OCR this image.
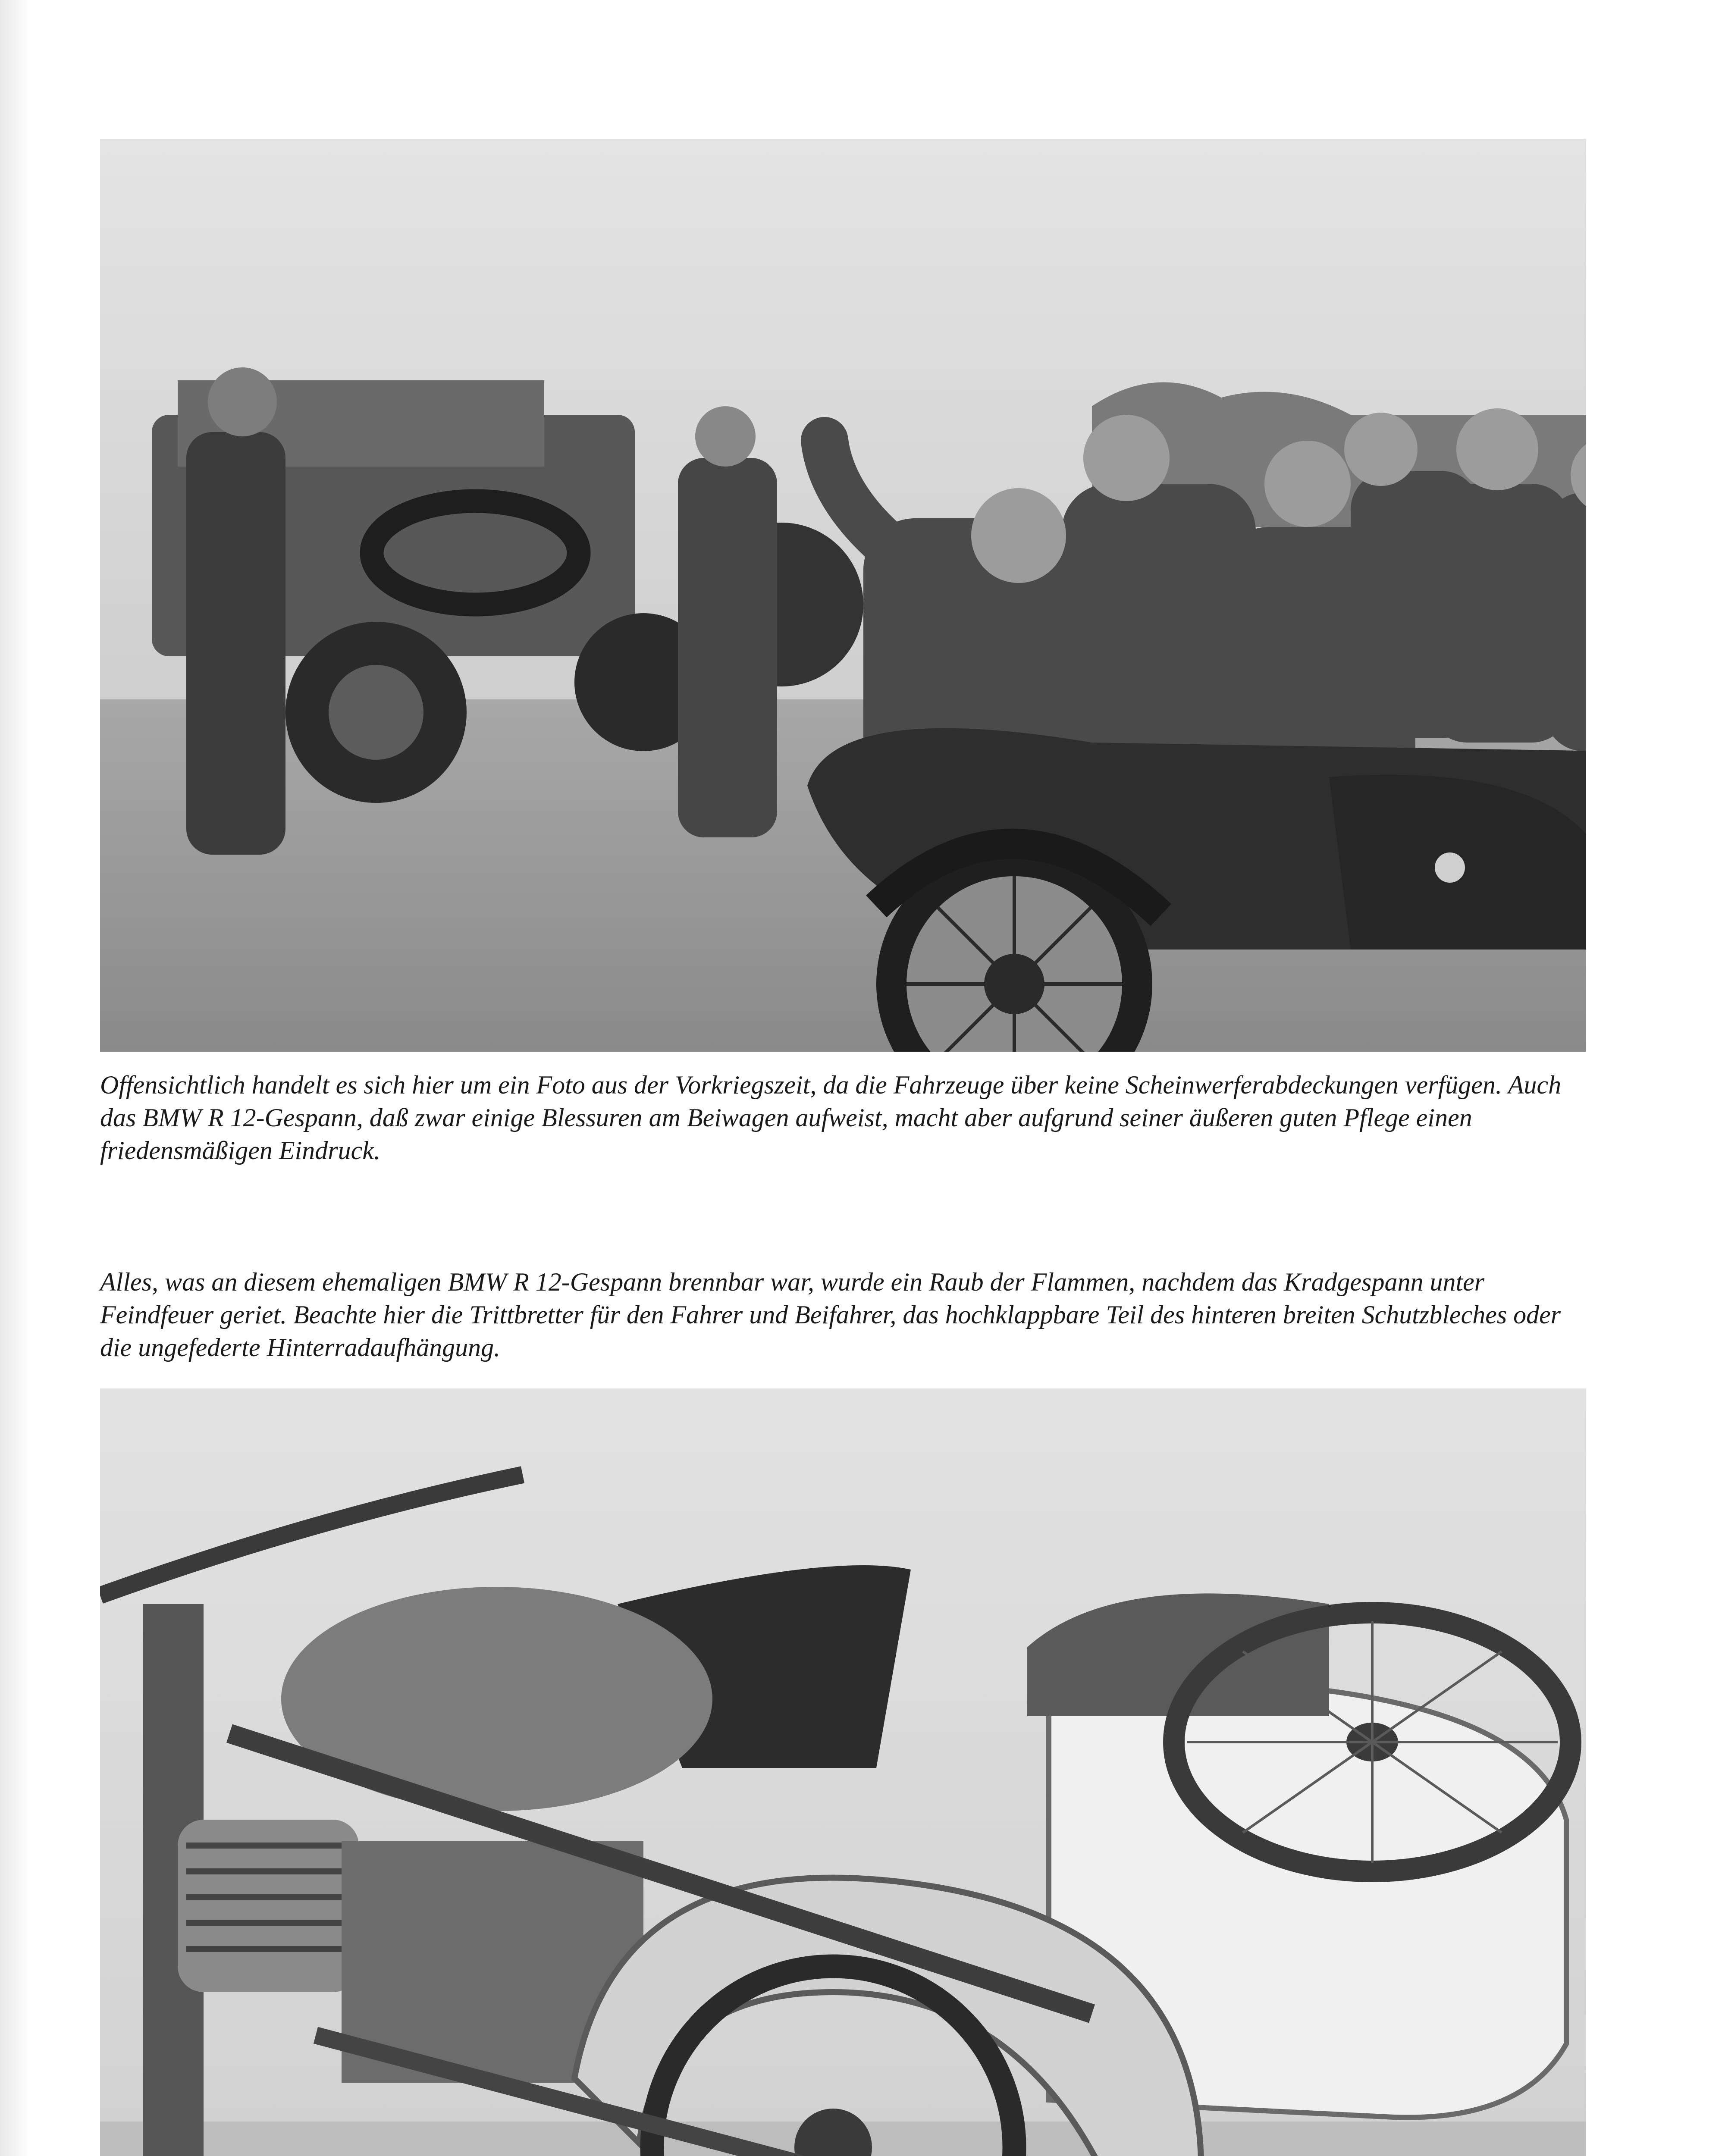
Offensichtlich handelt es sich hier um ein Foto aus der Vorkriegszeit, da die Fahrzeuge über keine Scheinwerferabdeckungen verfügen. Auch das BMW R 12-Gespann, daß zwar einige Blessuren am Beiwagen aufweist, macht aber aufgrund seiner äußeren guten Pflege einen friedensmäßigen Eindruck.

Alles, was an diesem ehemaligen BMW R 12-Gespann brennbar war, wurde ein Raub der Flammen, nachdem das Kradgespann unter Feindfeuer geriet. Beachte hier die Trittbretter für den Fahrer und Beifahrer, das hochklappbare Teil des hinteren breiten Schutzbleches oder die ungefederte Hinterradaufhängung.
